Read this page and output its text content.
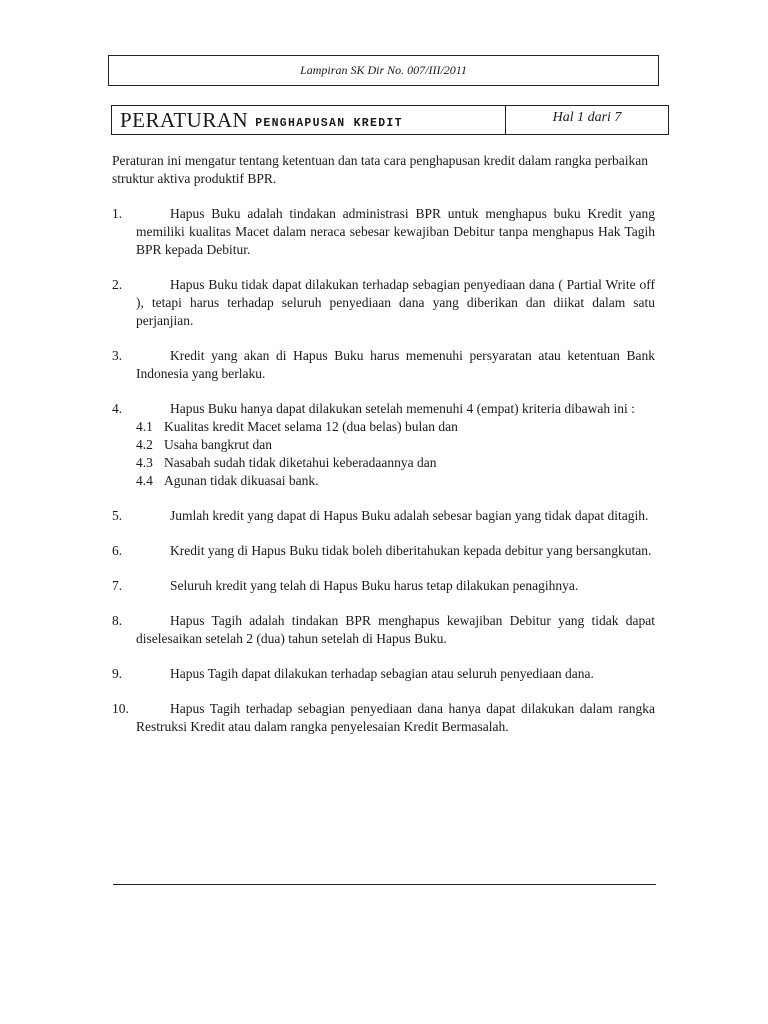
Lampiran SK Dir No. 007/III/2011
PERATURAN PENGHAPUSAN KREDIT	Hal 1 dari 7

Peraturan ini mengatur tentang ketentuan dan tata cara penghapusan kredit dalam rangka perbaikan struktur aktiva produktif BPR.

1.	Hapus Buku adalah tindakan administrasi BPR untuk menghapus buku Kredit yang memiliki kualitas Macet dalam neraca sebesar kewajiban Debitur tanpa menghapus Hak Tagih BPR kepada Debitur.
2.	Hapus Buku tidak dapat dilakukan terhadap sebagian penyediaan dana ( Partial Write off ), tetapi harus terhadap seluruh penyediaan dana yang diberikan dan diikat dalam satu perjanjian.
3.	Kredit yang akan di Hapus Buku harus memenuhi persyaratan atau ketentuan Bank Indonesia yang berlaku.
4.	Hapus Buku hanya dapat dilakukan setelah memenuhi 4 (empat) kriteria dibawah ini :
4.1 Kualitas kredit Macet selama 12 (dua belas) bulan dan
4.2 Usaha bangkrut dan
4.3 Nasabah sudah tidak diketahui keberadaannya dan
4.4 Agunan tidak dikuasai bank.
5.	Jumlah kredit yang dapat di Hapus Buku adalah sebesar bagian yang tidak dapat ditagih.
6.	Kredit yang di Hapus Buku tidak boleh diberitahukan kepada debitur yang bersangkutan.
7.	Seluruh kredit yang telah di Hapus Buku harus tetap dilakukan penagihnya.
8.	Hapus Tagih adalah tindakan BPR menghapus kewajiban Debitur yang tidak dapat diselesaikan setelah 2 (dua) tahun setelah di Hapus Buku.
9.	Hapus Tagih dapat dilakukan terhadap sebagian atau seluruh penyediaan dana.
10.	Hapus Tagih terhadap sebagian penyediaan dana hanya dapat dilakukan dalam rangka Restruksi Kredit atau dalam rangka penyelesaian Kredit Bermasalah.
